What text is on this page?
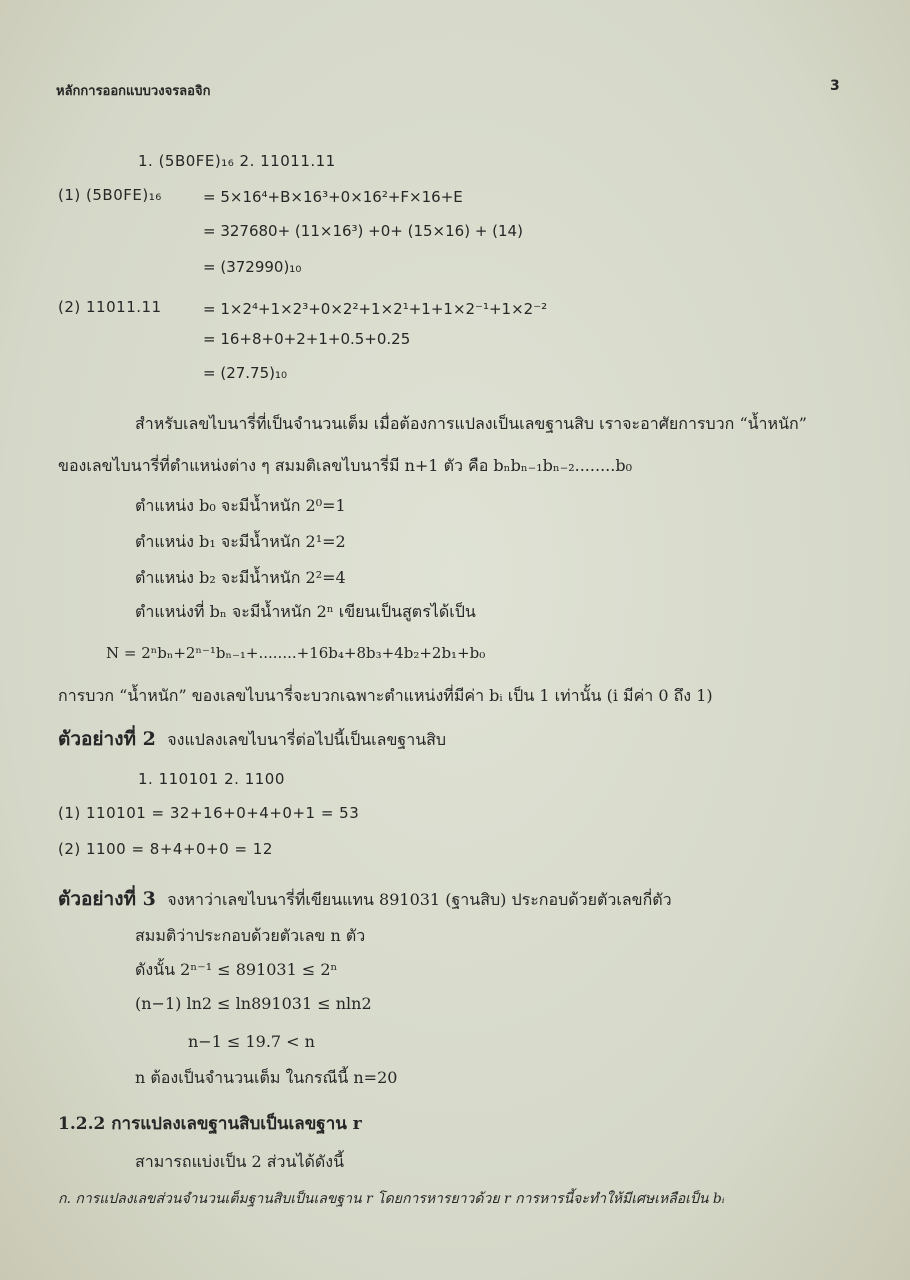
หลักการออกแบบวงจรลอจิก	3
1. (5B0FE)₁₆ 2. 11011.11
(1) (5B0FE)₁₆	= 5×16⁴+B×16³+0×16²+F×16+E
= 327680+ (11×16³) +0+ (15×16) + (14)
= (372990)₁₀
(2) 11011.11	= 1×2⁴+1×2³+0×2²+1×2¹+1+1×2⁻¹+1×2⁻²
= 16+8+0+2+1+0.5+0.25
= (27.75)₁₀
สำหรับเลขไบนารี่ที่เป็นจำนวนเต็ม เมื่อต้องการแปลงเป็นเลขฐานสิบ เราจะอาศัยการบวก “น้ำหนัก”
ของเลขไบนารี่ที่ตำแหน่งต่าง ๆ สมมติเลขไบนารี่มี n+1 ตัว คือ bₙbₙ₋₁bₙ₋₂........b₀
ตำแหน่ง b₀ จะมีน้ำหนัก 2⁰=1
ตำแหน่ง b₁ จะมีน้ำหนัก 2¹=2
ตำแหน่ง b₂ จะมีน้ำหนัก 2²=4
ตำแหน่งที่ bₙ จะมีน้ำหนัก 2ⁿ เขียนเป็นสูตรได้เป็น
N = 2ⁿbₙ+2ⁿ⁻¹bₙ₋₁+........+16b₄+8b₃+4b₂+2b₁+b₀
การบวก “น้ำหนัก” ของเลขไบนารี่จะบวกเฉพาะตำแหน่งที่มีค่า bᵢ เป็น 1 เท่านั้น (i มีค่า 0 ถึง 1)
ตัวอย่างที่ 2 จงแปลงเลขไบนารี่ต่อไปนี้เป็นเลขฐานสิบ
1. 110101 2. 1100
(1) 110101 = 32+16+0+4+0+1 = 53
(2) 1100 = 8+4+0+0 = 12
ตัวอย่างที่ 3 จงหาว่าเลขไบนารี่ที่เขียนแทน 891031 (ฐานสิบ) ประกอบด้วยตัวเลขกี่ตัว
สมมติว่าประกอบด้วยตัวเลข n ตัว
ดังนั้น 2ⁿ⁻¹ ≤ 891031 ≤ 2ⁿ
(n−1) ln2 ≤ ln891031 ≤ nln2
n−1 ≤ 19.7 < n
n ต้องเป็นจำนวนเต็ม ในกรณีนี้ n=20
1.2.2 การแปลงเลขฐานสิบเป็นเลขฐาน r
สามารถแบ่งเป็น 2 ส่วนได้ดังนี้
ก. การแปลงเลขส่วนจำนวนเต็มฐานสิบเป็นเลขฐาน r โดยการหารยาวด้วย r การหารนี้จะทำให้มีเศษเหลือเป็น bᵢ
